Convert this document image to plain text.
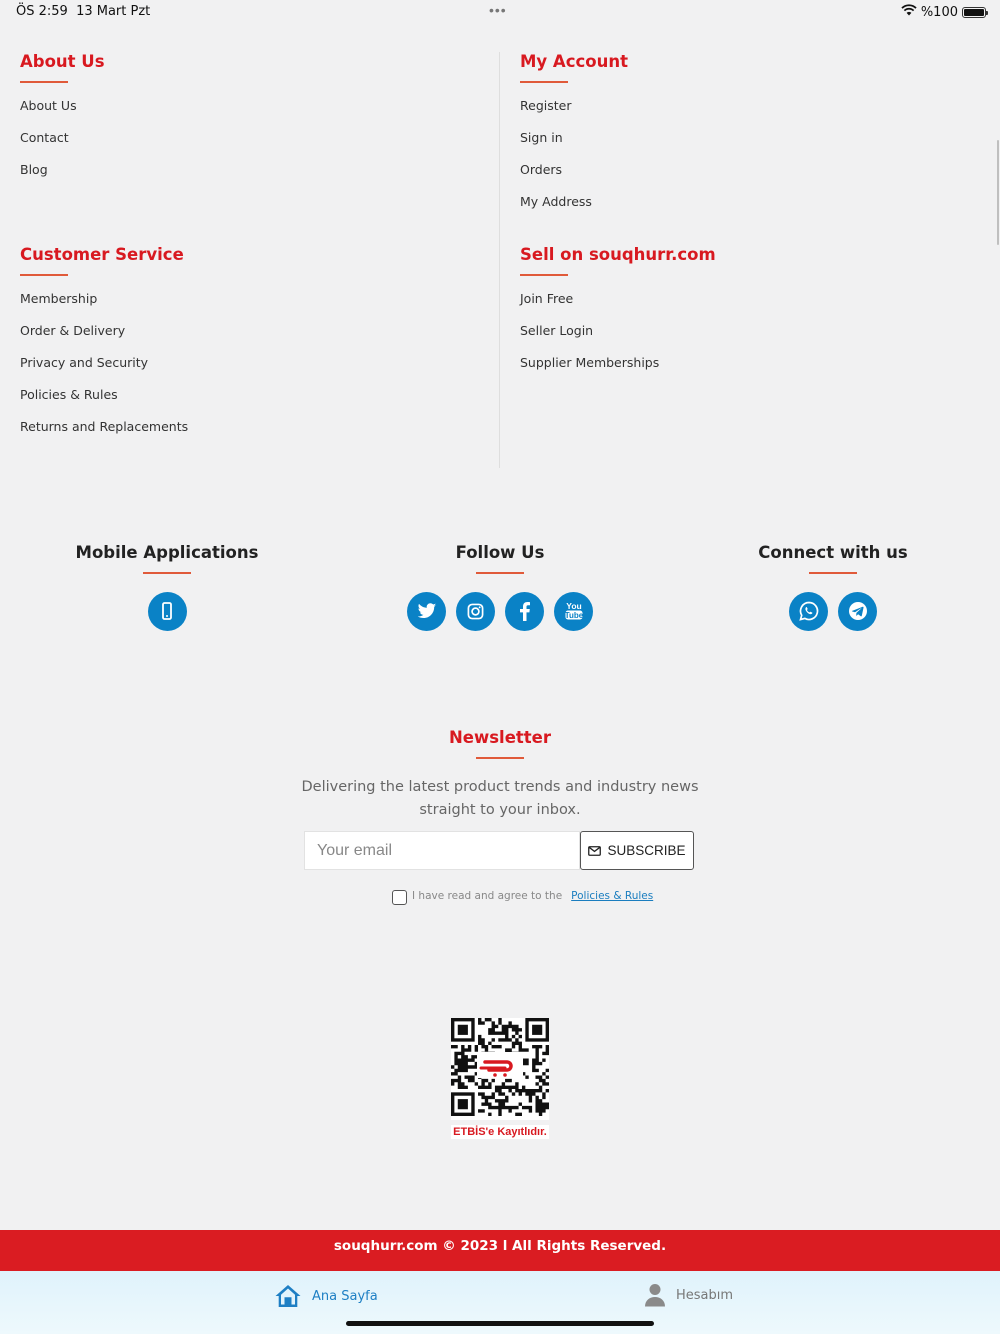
ÖS 2:59 13 Mart Pzt	•••	%100
About Us
About Us
Contact
Blog
My Account
Register
Sign in
Orders
My Address
Customer Service
Membership
Order & Delivery
Privacy and Security
Policies & Rules
Returns and Replacements
Sell on souqhurr.com
Join Free
Seller Login
Supplier Memberships
Mobile Applications	Follow Us
You
Tube
Connect with us
Newsletter
Delivering the latest product trends and industry news straight to your inbox.
Your email
SUBSCRIBE
I have read and agree to the Policies & Rules
ETBİS'e Kayıtlıdır.
souqhurr.com © 2023 l All Rights Reserved.
Ana Sayfa	Hesabım
